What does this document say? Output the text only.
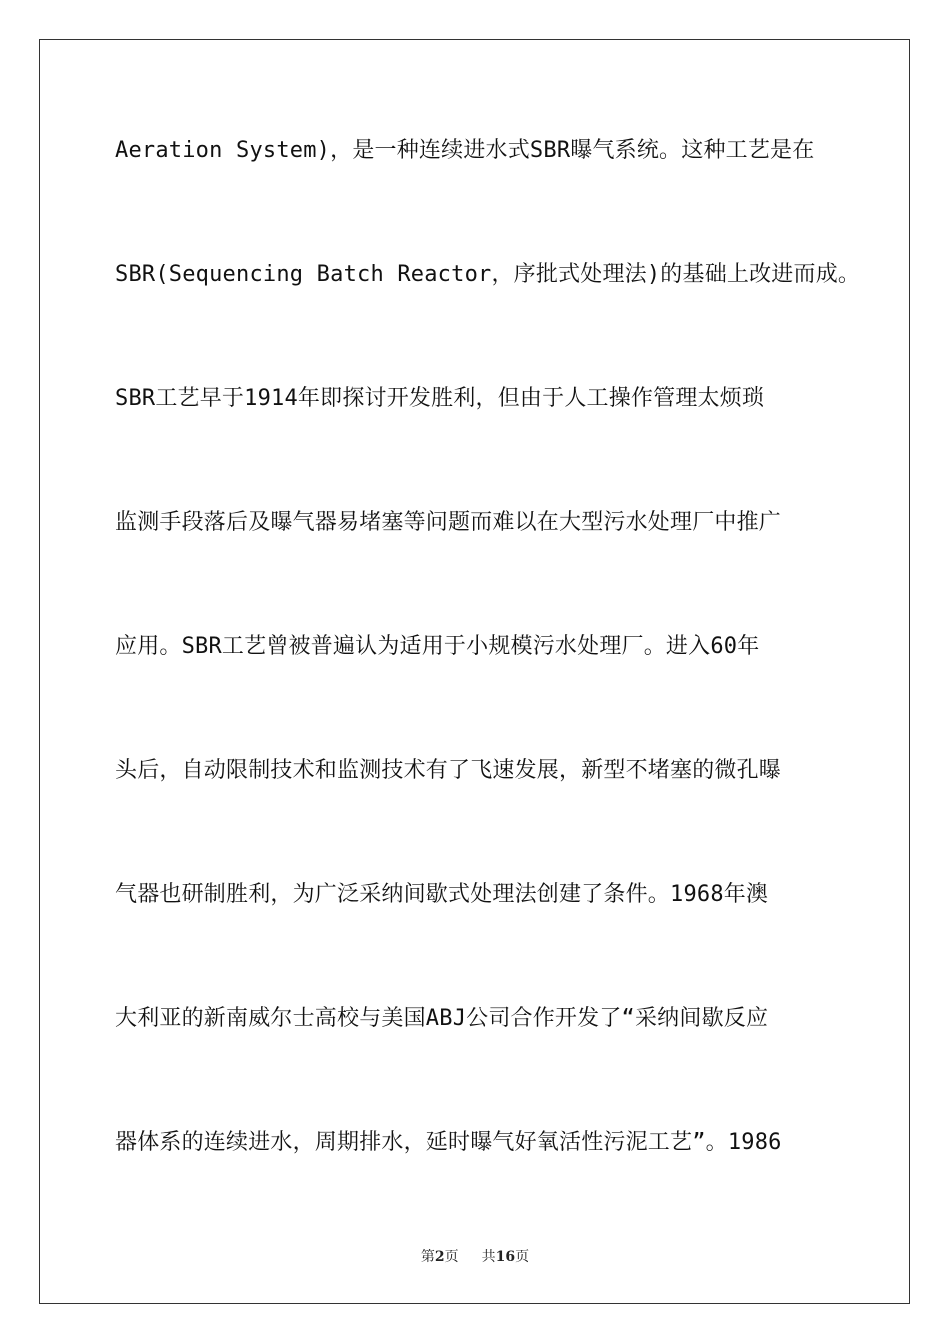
Aeration System)，是一种连续进水式SBR曝气系统。这种工艺是在
SBR(Sequencing Batch Reactor，序批式处理法)的基础上改进而成。
SBR工艺早于1914年即探讨开发胜利，但由于人工操作管理太烦琐
监测手段落后及曝气器易堵塞等问题而难以在大型污水处理厂中推广
应用。SBR工艺曾被普遍认为适用于小规模污水处理厂。进入60年
头后，自动限制技术和监测技术有了飞速发展，新型不堵塞的微孔曝
气器也研制胜利，为广泛采纳间歇式处理法创建了条件。1968年澳
大利亚的新南威尔士高校与美国ABJ公司合作开发了“采纳间歇反应
器体系的连续进水，周期排水，延时曝气好氧活性污泥工艺”。1986
第2页 共16页
